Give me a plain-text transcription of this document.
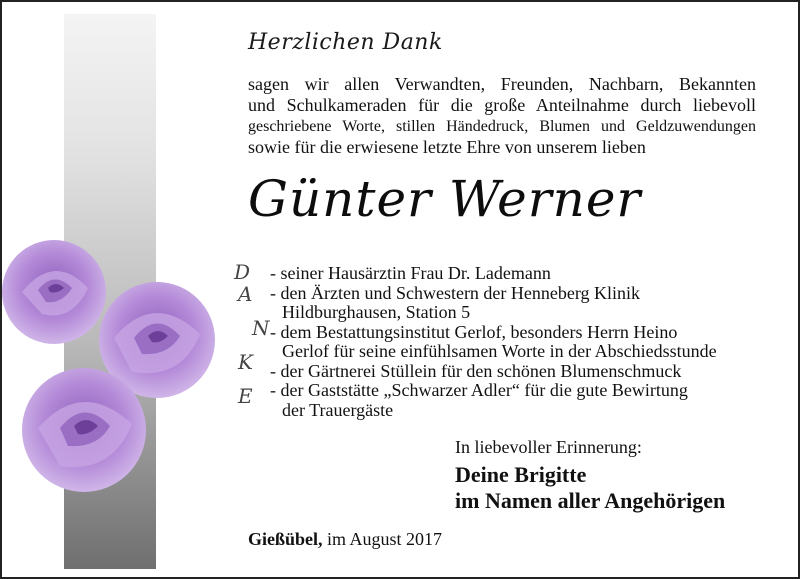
Herzlichen Dank
sagen wir allen Verwandten, Freunden, Nachbarn, Bekannten
und Schulkameraden für die große Anteilnahme durch liebevoll
geschriebene Worte, stillen Händedruck, Blumen und Geldzuwendungen
sowie für die erwiesene letzte Ehre von unserem lieben
Günter Werner
D
A
N
K
E
- seiner Hausärztin Frau Dr. Lademann
- den Ärzten und Schwestern der Henneberg Klinik
Hildburghausen, Station 5
- dem Bestattungsinstitut Gerlof, besonders Herrn Heino
Gerlof für seine einfühlsamen Worte in der Abschiedsstunde
- der Gärtnerei Stüllein für den schönen Blumenschmuck
- der Gaststätte „Schwarzer Adler“ für die gute Bewirtung
der Trauergäste
In liebevoller Erinnerung:
Deine Brigitte
im Namen aller Angehörigen
Gießübel, im August 2017
